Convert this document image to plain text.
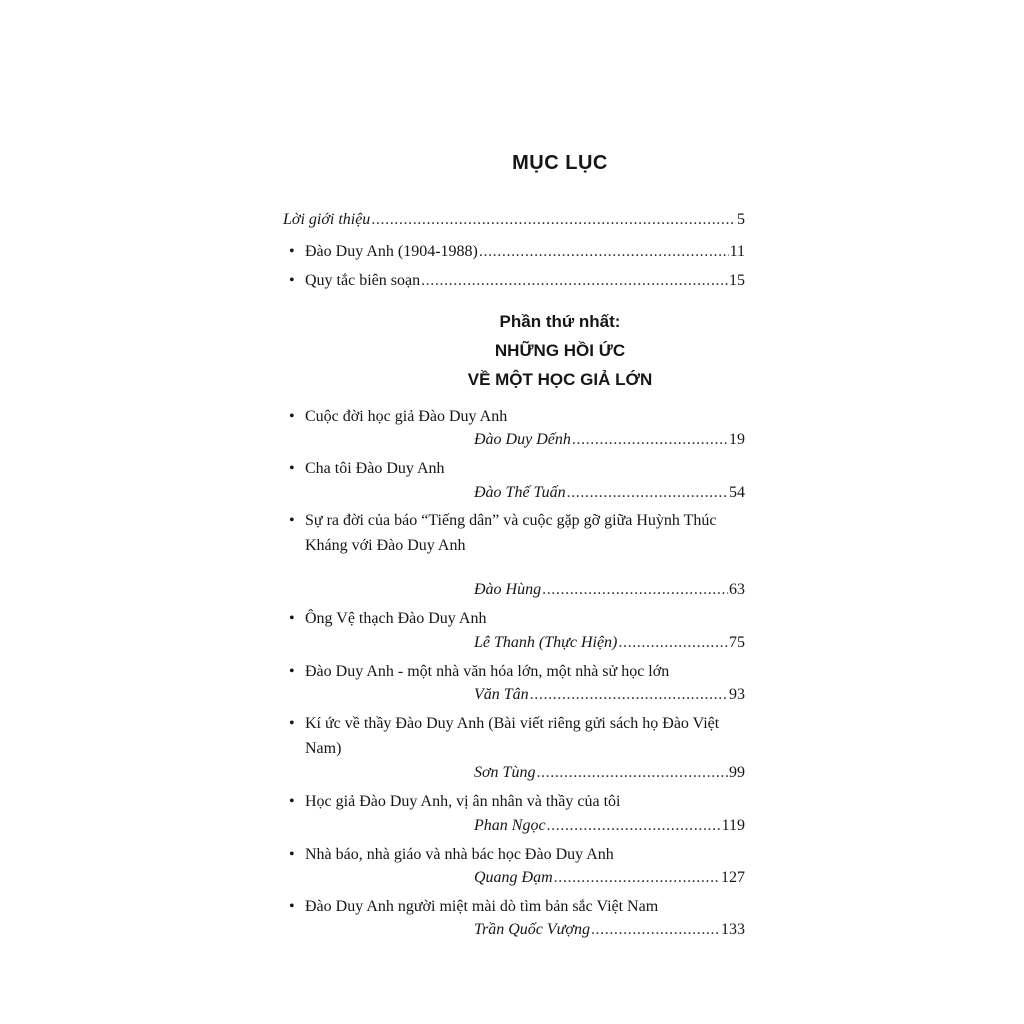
MỤC LỤC
Lời giới thiệu .....	5
• Đào Duy Anh (1904-1988) .....	11
• Quy tắc biên soạn .....	15
Phần thứ nhất:
NHỮNG HỒI ỨC
VỀ MỘT HỌC GIẢ LỚN
• Cuộc đời học giả Đào Duy Anh
Đào Duy Dếnh .....	19
• Cha tôi Đào Duy Anh
Đào Thế Tuấn .....	54
• Sự ra đời của báo “Tiếng dân” và cuộc gặp gỡ giữa Huỳnh Thúc Kháng với Đào Duy Anh
Đào Hùng .....	63
• Ông Vệ thạch Đào Duy Anh
Lê Thanh (Thực Hiện) .....	75
• Đào Duy Anh - một nhà văn hóa lớn, một nhà sử học lớn
Văn Tân .....	93
• Kí ức về thầy Đào Duy Anh (Bài viết riêng gửi sách họ Đào Việt Nam)
Sơn Tùng .....	99
• Học giả Đào Duy Anh, vị ân nhân và thầy của tôi
Phan Ngọc .....	119
• Nhà báo, nhà giáo và nhà bác học Đào Duy Anh
Quang Đạm .....	127
• Đào Duy Anh người miệt mài dò tìm bản sắc Việt Nam
Trần Quốc Vượng .....	133
